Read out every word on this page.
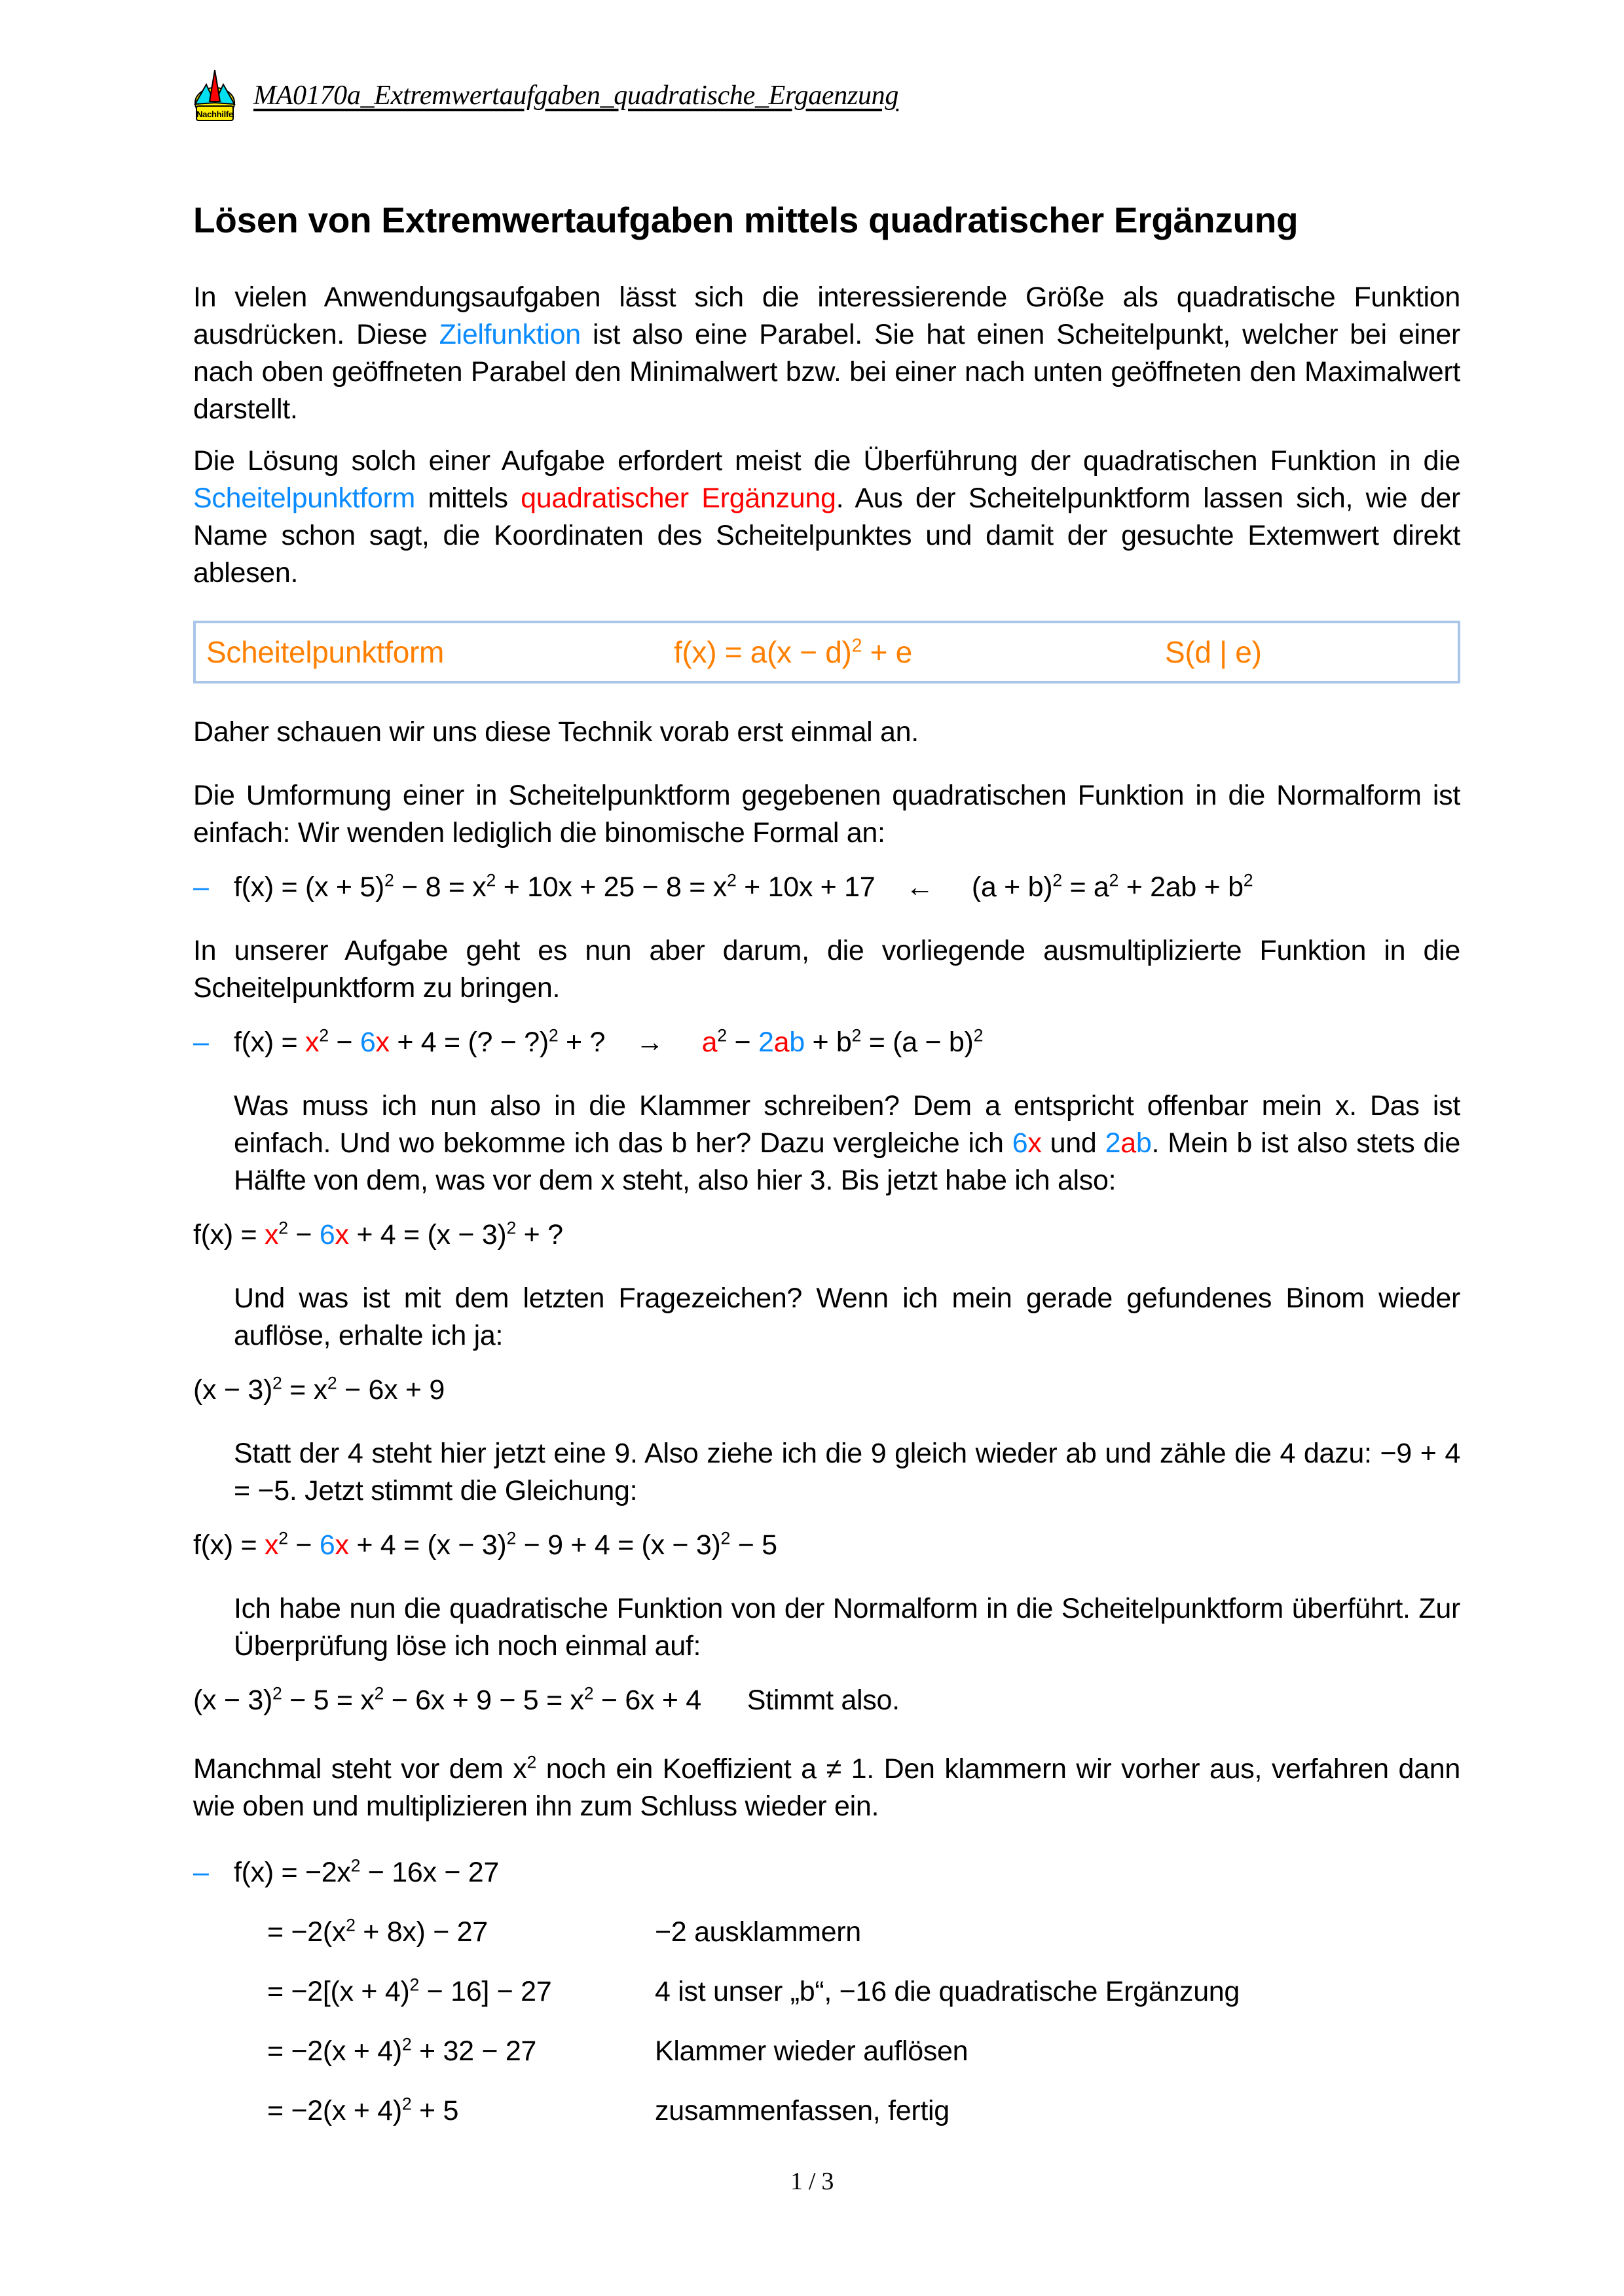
Nachhilfe
MA0170a_Extremwertaufgaben_quadratische_Ergaenzung
Lösen von Extremwertaufgaben mittels quadratischer Ergänzung

In vielen Anwendungsaufgaben lässt sich die interessierende Größe als quadratische Funktion ausdrücken. Diese Zielfunktion ist also eine Parabel. Sie hat einen Scheitelpunkt, welcher bei einer nach oben geöffneten Parabel den Minimalwert bzw. bei einer nach unten geöffneten den Maximalwert darstellt.

Die Lösung solch einer Aufgabe erfordert meist die Überführung der quadratischen Funktion in die Scheitelpunktform mittels quadratischer Ergänzung. Aus der Scheitelpunktform lassen sich, wie der Name schon sagt, die Koordinaten des Scheitelpunktes und damit der gesuchte Extemwert direkt ablesen.

Scheitelpunktform	$f(x) = a(x - d)^2 + e$	S(d | e)

Daher schauen wir uns diese Technik vorab erst einmal an.

Die Umformung einer in Scheitelpunktform gegebenen quadratischen Funktion in die Normalform ist einfach: Wir wenden lediglich die binomische Formal an:

– $f(x) = (x + 5)^2 - 8 = x^2 + 10x + 25 - 8 = x^2 + 10x + 17$    ←     $(a + b)^2 = a^2 + 2ab + b^2$

In unserer Aufgabe geht es nun aber darum, die vorliegende ausmultiplizierte Funktion in die Scheitelpunktform zu bringen.

– $f(x) = x^2 - 6x + 4$ = (? − ?)$^2$ + ?    →     $a^2 - 2ab + b^2 = (a - b)^2$

Was muss ich nun also in die Klammer schreiben? Dem a entspricht offenbar mein x. Das ist einfach. Und wo bekomme ich das b her? Dazu vergleiche ich 6x und 2ab. Mein b ist also stets die Hälfte von dem, was vor dem x steht, also hier 3. Bis jetzt habe ich also:

$f(x) = x^2 - 6x + 4 = (x - 3)^2$ + ?

Und was ist mit dem letzten Fragezeichen? Wenn ich mein gerade gefundenes Binom wieder auflöse, erhalte ich ja:

$(x - 3)^2 = x^2 - 6x + 9$

Statt der 4 steht hier jetzt eine 9. Also ziehe ich die 9 gleich wieder ab und zähle die 4 dazu: −9 + 4 = −5. Jetzt stimmt die Gleichung:

$f(x) = x^2 - 6x + 4 = (x - 3)^2 - 9 + 4 = (x - 3)^2 - 5$

Ich habe nun die quadratische Funktion von der Normalform in die Scheitelpunktform überführt. Zur Überprüfung löse ich noch einmal auf:

$(x - 3)^2 - 5 = x^2 - 6x + 9 - 5 = x^2 - 6x + 4$      Stimmt also.

Manchmal steht vor dem $x^2$ noch ein Koeffizient a ≠ 1. Den klammern wir vorher aus, verfahren dann wie oben und multiplizieren ihn zum Schluss wieder ein.

– $f(x) = -2x^2 - 16x - 27$
= $-2(x^2 + 8x) - 27$	−2 ausklammern
= $-2[(x + 4)^2 - 16] - 27$	4 ist unser „b“, −16 die quadratische Ergänzung
= $-2(x + 4)^2 + 32 - 27$	Klammer wieder auflösen
= $-2(x + 4)^2 + 5$	zusammenfassen, fertig
1 / 3
